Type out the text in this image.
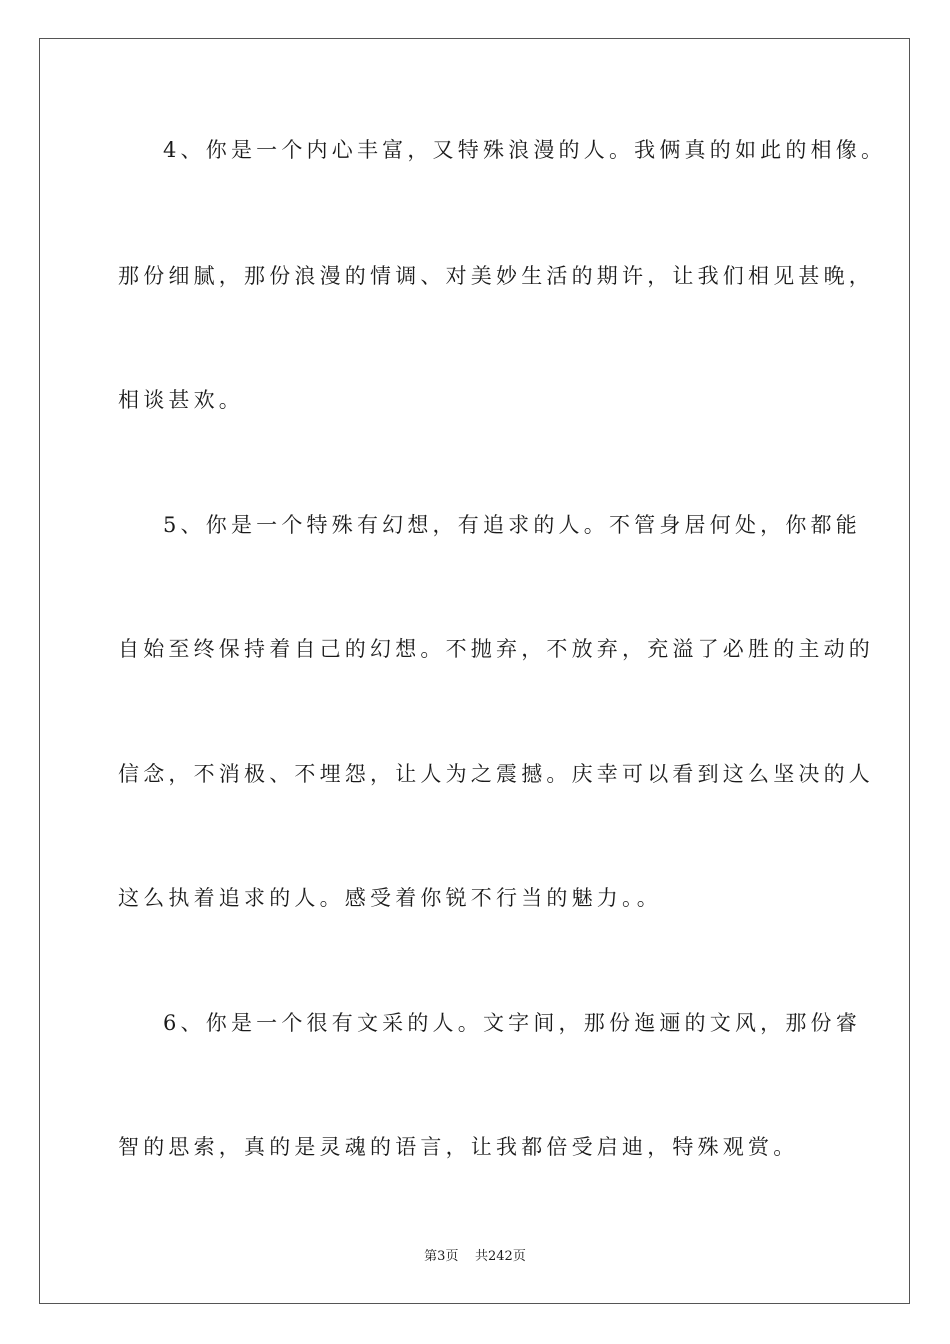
4、你是一个内心丰富，又特殊浪漫的人。我俩真的如此的相像。
那份细腻，那份浪漫的情调、对美妙生活的期许，让我们相见甚晚，
相谈甚欢。
5、你是一个特殊有幻想，有追求的人。不管身居何处，你都能
自始至终保持着自己的幻想。不抛弃，不放弃，充溢了必胜的主动的
信念，不消极、不埋怨，让人为之震撼。庆幸可以看到这么坚决的人
这么执着追求的人。感受着你锐不行当的魅力。。
6、你是一个很有文采的人。文字间，那份迤逦的文风，那份睿
智的思索，真的是灵魂的语言，让我都倍受启迪，特殊观赏。
第3页 共242页
